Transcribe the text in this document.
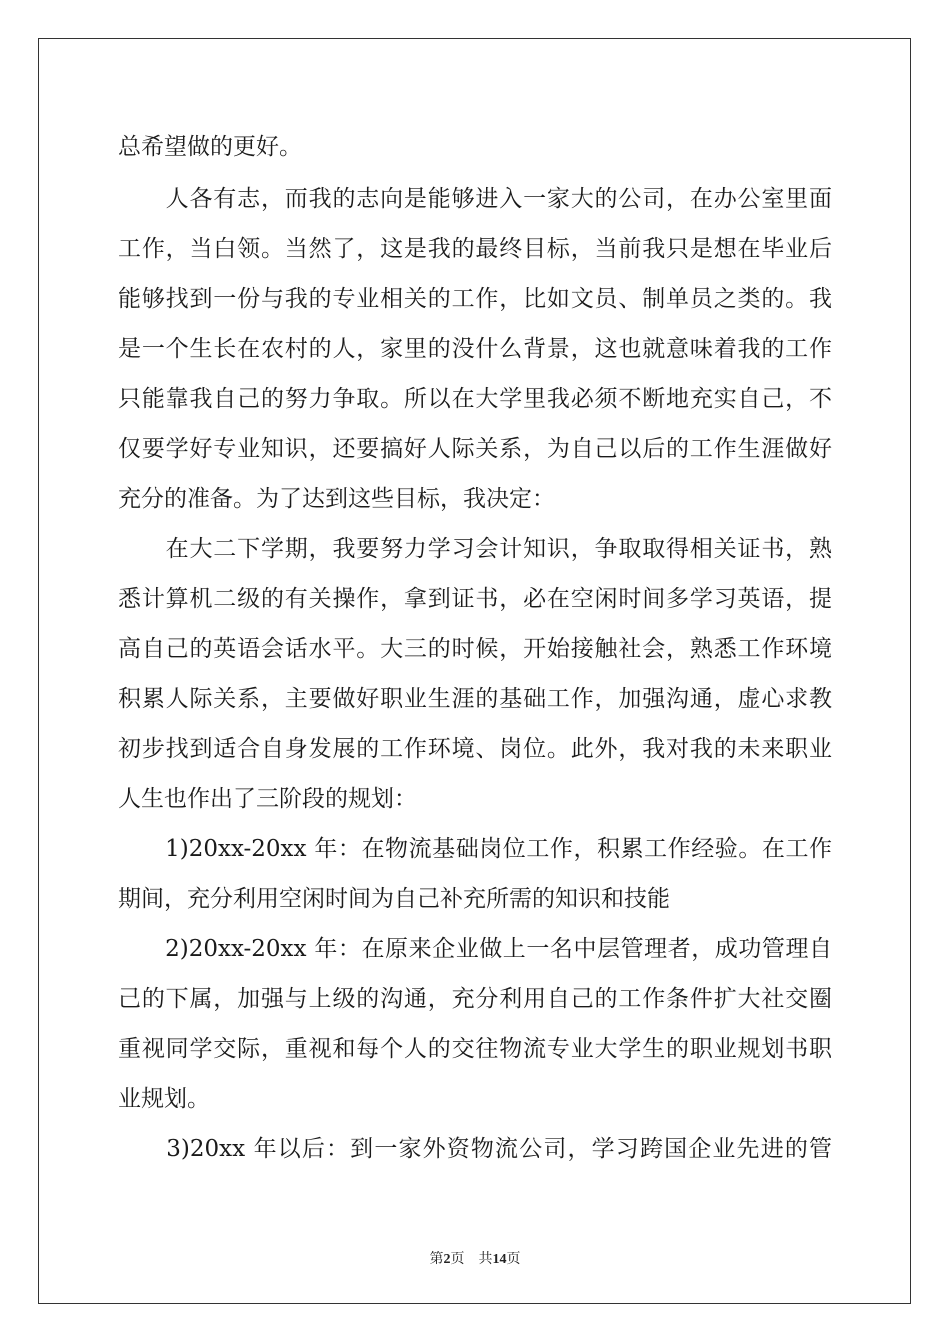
总希望做的更好。
　　人各有志，而我的志向是能够进入一家大的公司，在办公室里面
工作，当白领。当然了，这是我的最终目标，当前我只是想在毕业后
能够找到一份与我的专业相关的工作，比如文员、制单员之类的。我
是一个生长在农村的人，家里的没什么背景，这也就意味着我的工作
只能靠我自己的努力争取。所以在大学里我必须不断地充实自己，不
仅要学好专业知识，还要搞好人际关系，为自己以后的工作生涯做好
充分的准备。为了达到这些目标，我决定：
　　在大二下学期，我要努力学习会计知识，争取取得相关证书，熟
悉计算机二级的有关操作，拿到证书，必在空闲时间多学习英语，提
高自己的英语会话水平。大三的时候，开始接触社会，熟悉工作环境
积累人际关系，主要做好职业生涯的基础工作，加强沟通，虚心求教
初步找到适合自身发展的工作环境、岗位。此外，我对我的未来职业
人生也作出了三阶段的规划：
　　1)20xx-20xx 年：在物流基础岗位工作，积累工作经验。在工作
期间，充分利用空闲时间为自己补充所需的知识和技能
　　2)20xx-20xx 年：在原来企业做上一名中层管理者，成功管理自
己的下属，加强与上级的沟通，充分利用自己的工作条件扩大社交圈
重视同学交际，重视和每个人的交往物流专业大学生的职业规划书职
业规划。
　　3)20xx 年以后：到一家外资物流公司，学习跨国企业先进的管
第2页　共14页
